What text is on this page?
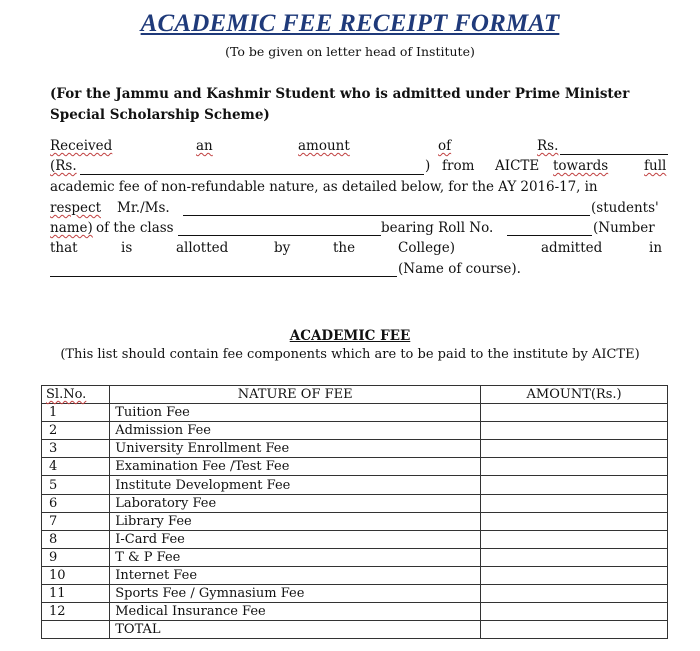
ACADEMIC FEE RECEIPT FORMAT
(To be given on letter head of Institute)
(For the Jammu and Kashmir Student who is admitted under Prime Minister Special Scholarship Scheme)
Received	an	amount	of	Rs.
(Rs.	) from AICTE towards	full
academic fee of non-refundable nature, as detailed below, for the AY 2016-17, in
respect Mr./Ms.	(students'
name) of the class	bearing Roll No.	(Number
that	is	allotted	by	the	College)	admitted	in
(Name of course).
ACADEMIC FEE
(This list should contain fee components which are to be paid to the institute by AICTE)
Sl.No.	NATURE OF FEE	AMOUNT(Rs.)
1	Tuition Fee	
2	Admission Fee	
3	University Enrollment Fee	
4	Examination Fee /Test Fee	
5	Institute Development Fee	
6	Laboratory Fee	
7	Library Fee	
8	I-Card Fee	
9	T & P Fee	
10	Internet Fee	
11	Sports Fee / Gymnasium Fee	
12	Medical Insurance Fee	
	TOTAL	
